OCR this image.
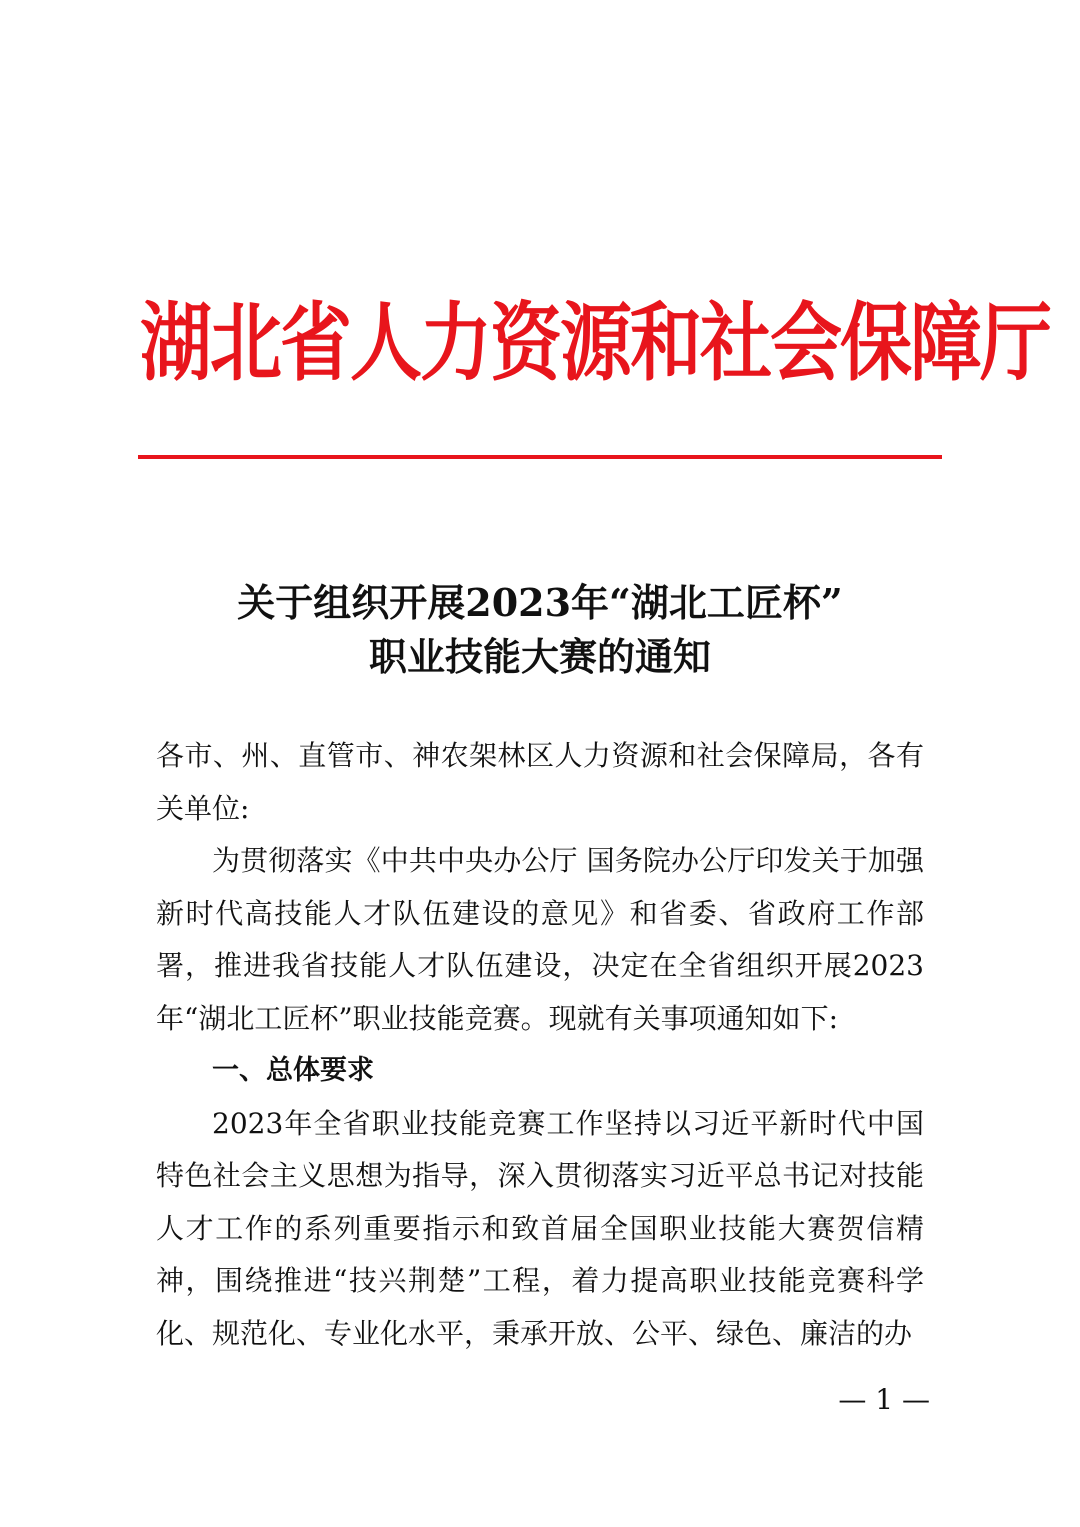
湖北省人力资源和社会保障厅
关于组织开展2023年“湖北工匠杯”
职业技能大赛的通知

各市、州、直管市、神农架林区人力资源和社会保障局，各有关单位:

为贯彻落实《中共中央办公厅 国务院办公厅印发关于加强新时代高技能人才队伍建设的意见》和省委、省政府工作部署，推进我省技能人才队伍建设，决定在全省组织开展2023年“湖北工匠杯”职业技能竞赛。现就有关事项通知如下:

一、总体要求

2023年全省职业技能竞赛工作坚持以习近平新时代中国特色社会主义思想为指导，深入贯彻落实习近平总书记对技能人才工作的系列重要指示和致首届全国职业技能大赛贺信精神，围绕推进“技兴荆楚”工程，着力提高职业技能竞赛科学化、规范化、专业化水平，秉承开放、公平、绿色、廉洁的办

— 1 —
